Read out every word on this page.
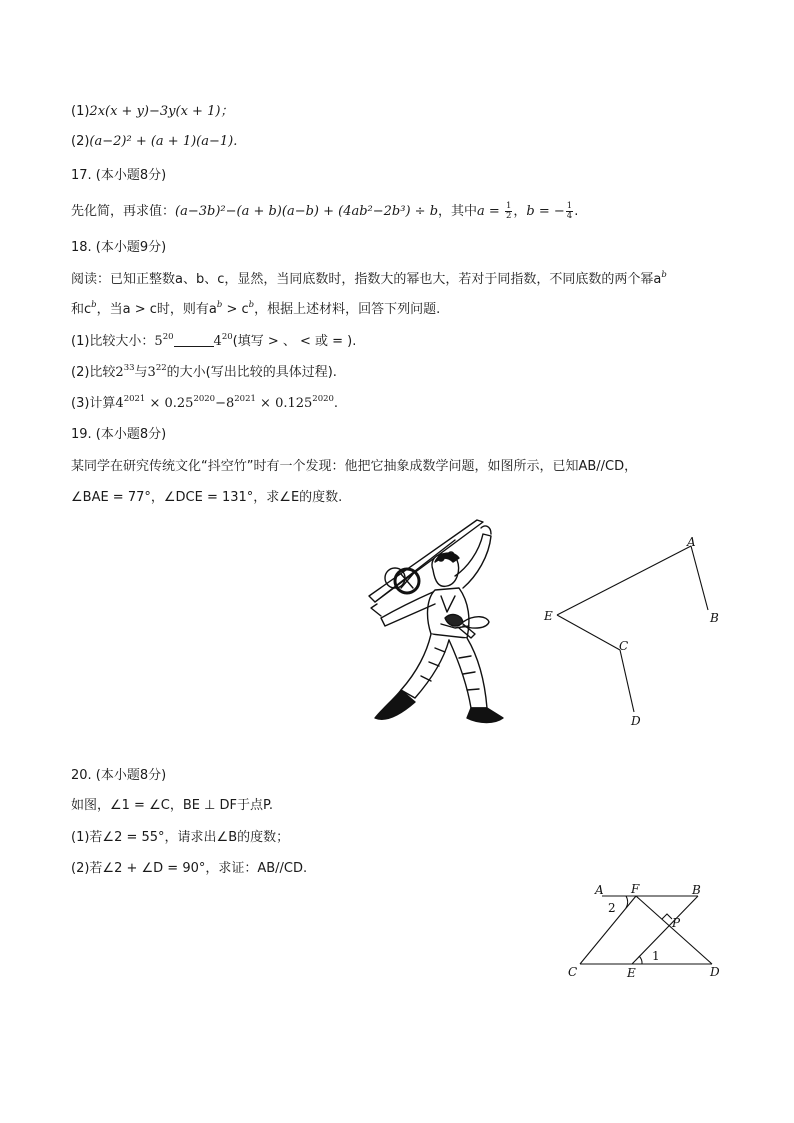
(1)2x(x + y)−3y(x + 1)；
(2)(a−2)² + (a + 1)(a−1).
17. (本小题8分)
先化简，再求值：(a−3b)²−(a + b)(a−b) + (4ab²−2b³) ÷ b，其中$a = \frac{1}{2}$ ，b = − $\frac{1}{4}$ .
18. (本小题9分)
阅读：已知正整数a、b、c，显然，当同底数时，指数大的幂也大，若对于同指数，不同底数的两个幂$a^b$
和$c^b$，当a > c时，则有$a^b > c^b$，根据上述材料，回答下列问题.
(1)比较大小：$5^{20}$	$4^{20}$(填写 > 、 < 或 = ).
(2)比较$2^{33}$与$3^{22}$的大小(写出比较的具体过程).
(3)计算$4^{2021} \times 0.25^{2020}-8^{2021} \times 0.125^{2020}$.
19. (本小题8分)
某同学在研究传统文化“抖空竹”时有一个发现：他把它抽象成数学问题，如图所示，已知AB//CD，
∠BAE = 77°，∠DCE = 131°，求∠E的度数.
A
B
E
C
D
20. (本小题8分)
如图，∠1 = ∠C，BE ⊥ DF于点P.
(1)若∠2 = 55°，请求出∠B的度数；
(2)若∠2 + ∠D = 90°，求证：AB//CD.
A F	B
P
C	E	D
1
2
